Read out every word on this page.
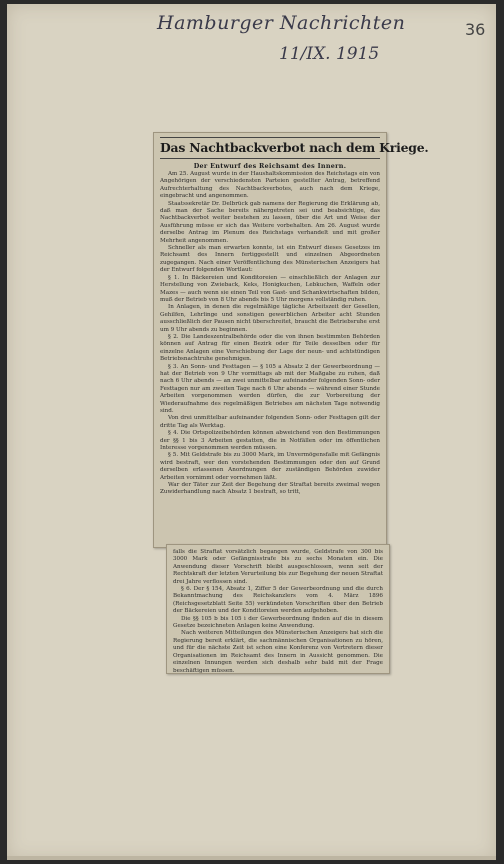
Hamburger Nachrichten
11/IX. 1915
36
Das Nachtbackverbot nach dem Kriege.
Der Entwurf des Reichsamt des Innern.

Am 25. August wurde in der Haushaltskommission des Reichstags ein von Angehörigen der verschiedensten Parteien gestellter Antrag, betreffend Aufrechterhaltung des Nachtbackverbotes, auch nach dem Kriege, eingebracht und angenommen.

Staatssekretär Dr. Delbrück gab namens der Regierung die Erklärung ab, daß man der Sache bereits nähergetreten sei und beabsichtige, das Nachtbackverbot weiter bestehen zu lassen, über die Art und Weise der Ausführung müsse er sich das Weitere vorbehalten. Am 26. August wurde derselbe Antrag im Plenum des Reichstags verhandelt und mit großer Mehrheit angenommen.

Schneller als man erwarten konnte, ist ein Entwurf dieses Gesetzes im Reichsamt des Innern fertiggestellt und einzelnen Abgeordneten zugegangen. Nach einer Veröffentlichung des Münsterischen Anzeigers hat der Entwurf folgenden Wortlaut:

§ 1. In Bäckereien und Konditoreien — einschließlich der Anlagen zur Herstellung von Zwieback, Keks, Honigkuchen, Lebkuchen, Waffeln oder Mazes — auch wenn sie einen Teil von Gast- und Schankwirtschaften bilden, muß der Betrieb von 8 Uhr abends bis 5 Uhr morgens vollständig ruhen.

In Anlagen, in denen die regelmäßige tägliche Arbeitszeit der Gesellen, Gehilfen, Lehrlinge und sonstigen gewerblichen Arbeiter acht Stunden ausschließlich der Pausen nicht überschreitet, braucht die Betriebsruhe erst um 9 Uhr abends zu beginnen.

§ 2. Die Landeszentralbehörde oder die von ihnen bestimmten Behörden können auf Antrag für einen Bezirk oder für Teile desselben oder für einzelne Anlagen eine Verschiebung der Lage der neun- und achtstündigen Betriebsnachtruhe genehmigen.

§ 3. An Sonn- und Festtagen — § 105 a Absatz 2 der Gewerbeordnung — hat der Betrieb von 9 Uhr vormittags ab mit der Maßgabe zu ruhen, daß nach 6 Uhr abends — an zwei unmittelbar aufeinander folgenden Sonn- oder Festtagen nur am zweiten Tage nach 6 Uhr abends — während einer Stunde Arbeiten vorgenommen werden dürfen, die zur Vorbereitung der Wiederaufnahme des regelmäßigen Betriebes am nächsten Tage notwendig sind.

Von drei unmittelbar aufeinander folgenden Sonn- oder Festtagen gilt der dritte Tag als Werktag.

§ 4. Die Ortspolizeibehörden können abweichend von den Bestimmungen der §§ 1 bis 3 Arbeiten gestatten, die in Notfällen oder im öffentlichen Interesse vorgenommen werden müssen.

§ 5. Mit Geldstrafe bis zu 3000 Mark, im Unvermögensfalle mit Gefängnis wird bestraft, wer den vorstehenden Bestimmungen oder den auf Grund derselben erlassenen Anordnungen der zuständigen Behörden zuwider Arbeiten vornimmt oder vornehmen läßt.

War der Täter zur Zeit der Begehung der Straftat bereits zweimal wegen Zuwiderhandlung nach Absatz 1 bestraft, so tritt,

falls die Straftat vorsätzlich begangen wurde, Geldstrafe von 300 bis 3000 Mark oder Gefängnisstrafe bis zu sechs Monaten ein. Die Anwendung dieser Vorschrift bleibt ausgeschlossen, wenn seit der Rechtskraft der letzten Verurteilung bis zur Begehung der neuen Straftat drei Jahre verflossen sind.

§ 6. Der § 154, Absatz 1, Ziffer 5 der Gewerbeordnung und die durch Bekanntmachung des Reichskanzlers vom 4. März 1896 (Reichsgesetzblatt Seite 55) verkündeten Vorschriften über den Betrieb der Bäckereien und der Konditoreien werden aufgehoben.

Die §§ 105 b bis 105 i der Gewerbeordnung finden auf die in diesem Gesetze bezeichneten Anlagen keine Anwendung.

Nach weiteren Mitteilungen des Münsterischen Anzeigers hat sich die Regierung bereit erklärt, die sachmännischen Organisationen zu hören, und für die nächste Zeit ist schon eine Konferenz von Vertretern dieser Organisationen im Reichsamt des Innern in Aussicht genommen. Die einzelnen Innungen werden sich deshalb sehr bald mit der Frage beschäftigen müssen.
